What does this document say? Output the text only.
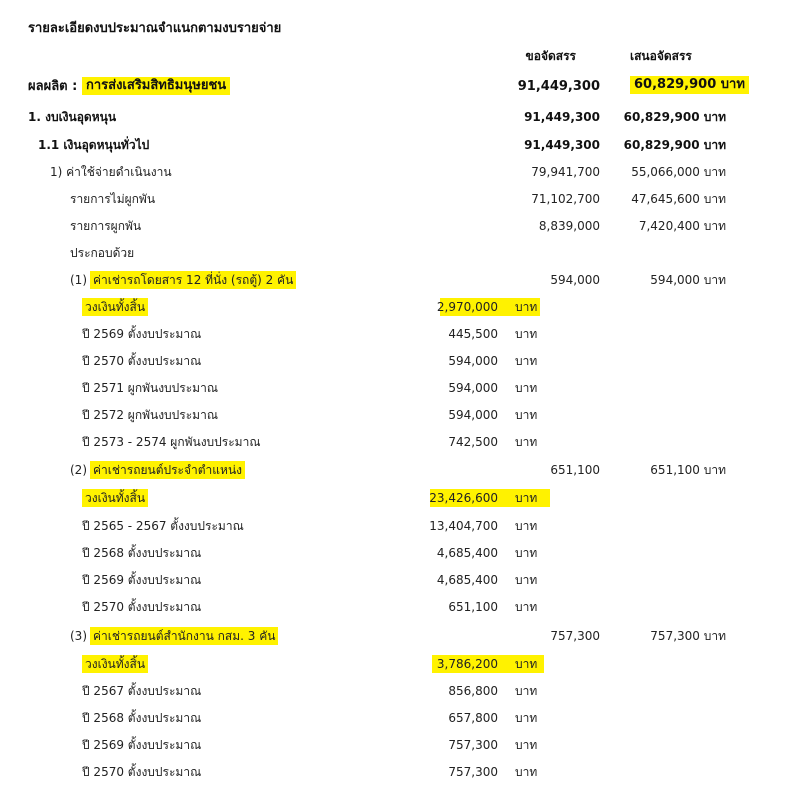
รายละเอียดงบประมาณจำแนกตามงบรายจ่าย
ขอจัดสรร	เสนอจัดสรร
ผลผลิต : การส่งเสริมสิทธิมนุษยชน	91,449,300	60,829,900 บาท
1. งบเงินอุดหนุน	91,449,300	60,829,900 บาท
1.1 เงินอุดหนุนทั่วไป	91,449,300	60,829,900 บาท
1) ค่าใช้จ่ายดำเนินงาน	79,941,700	55,066,000 บาท
รายการไม่ผูกพัน	71,102,700	47,645,600 บาท
รายการผูกพัน	8,839,000	7,420,400 บาท
ประกอบด้วย
(1) ค่าเช่ารถโดยสาร 12 ที่นั่ง (รถตู้) 2 คัน	594,000	594,000 บาท
วงเงินทั้งสิ้น	2,970,000 บาท
ปี 2569 ตั้งงบประมาณ	445,500 บาท
ปี 2570 ตั้งงบประมาณ	594,000 บาท
ปี 2571 ผูกพันงบประมาณ	594,000 บาท
ปี 2572 ผูกพันงบประมาณ	594,000 บาท
ปี 2573 - 2574 ผูกพันงบประมาณ	742,500 บาท
(2) ค่าเช่ารถยนต์ประจำตำแหน่ง	651,100	651,100 บาท
วงเงินทั้งสิ้น	23,426,600 บาท
ปี 2565 - 2567 ตั้งงบประมาณ	13,404,700 บาท
ปี 2568 ตั้งงบประมาณ	4,685,400 บาท
ปี 2569 ตั้งงบประมาณ	4,685,400 บาท
ปี 2570 ตั้งงบประมาณ	651,100 บาท
(3) ค่าเช่ารถยนต์สำนักงาน กสม. 3 คัน	757,300	757,300 บาท
วงเงินทั้งสิ้น	3,786,200 บาท
ปี 2567 ตั้งงบประมาณ	856,800 บาท
ปี 2568 ตั้งงบประมาณ	657,800 บาท
ปี 2569 ตั้งงบประมาณ	757,300 บาท
ปี 2570 ตั้งงบประมาณ	757,300 บาท
